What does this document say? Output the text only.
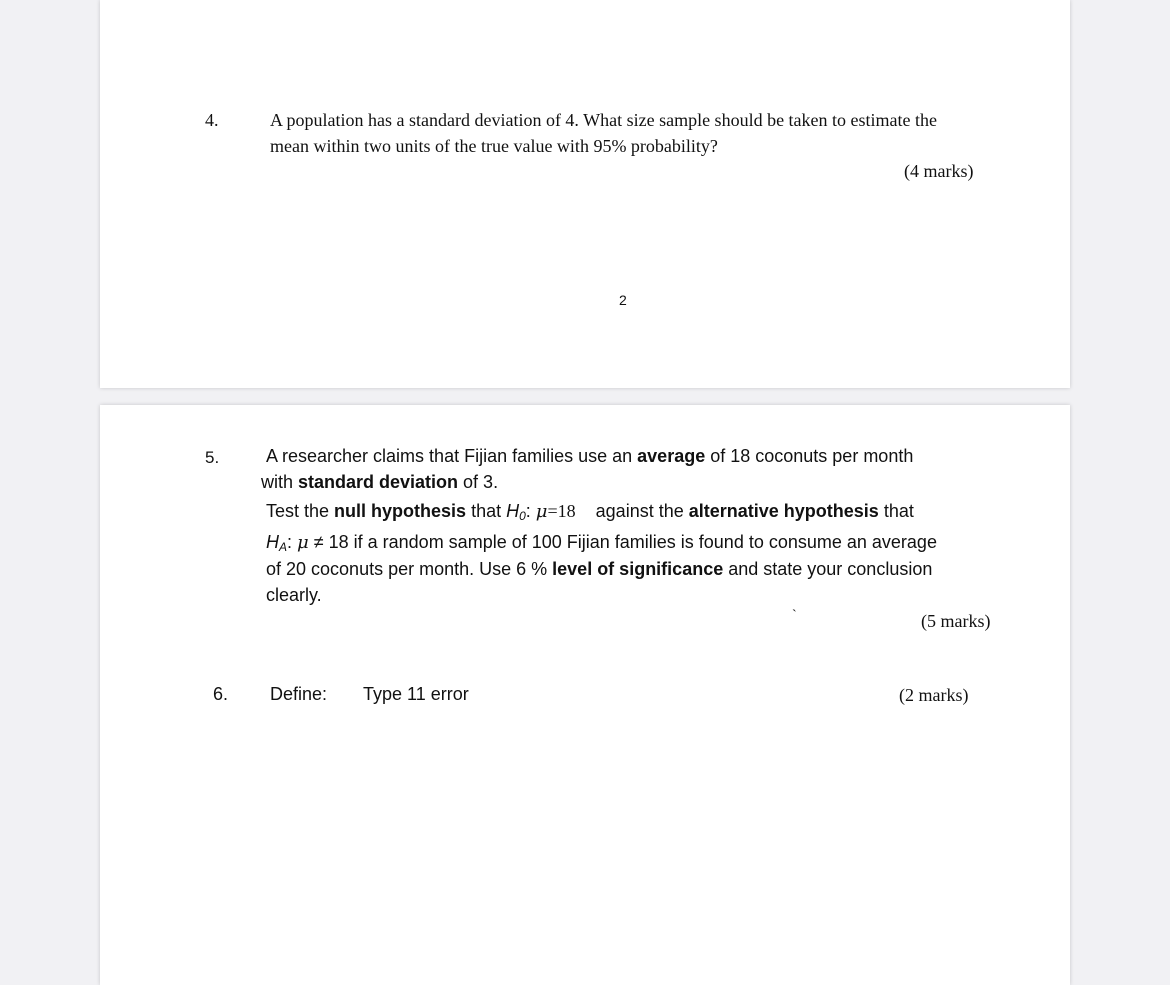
4.	A population has a standard deviation of 4. What size sample should be taken to estimate the
mean within two units of the true value with 95% probability?
(4 marks)
2
5.	A researcher claims that Fijian families use an average of 18 coconuts per month
with standard deviation of 3.
Test the null hypothesis that $H_0$: μ=18 against the alternative hypothesis that
$H_A$: μ ≠ 18 if a random sample of 100 Fijian families is found to consume an average
of 20 coconuts per month. Use 6 % level of significance and state your conclusion
clearly.
`	(5 marks)
6. Define: Type 11 error	(2 marks)
